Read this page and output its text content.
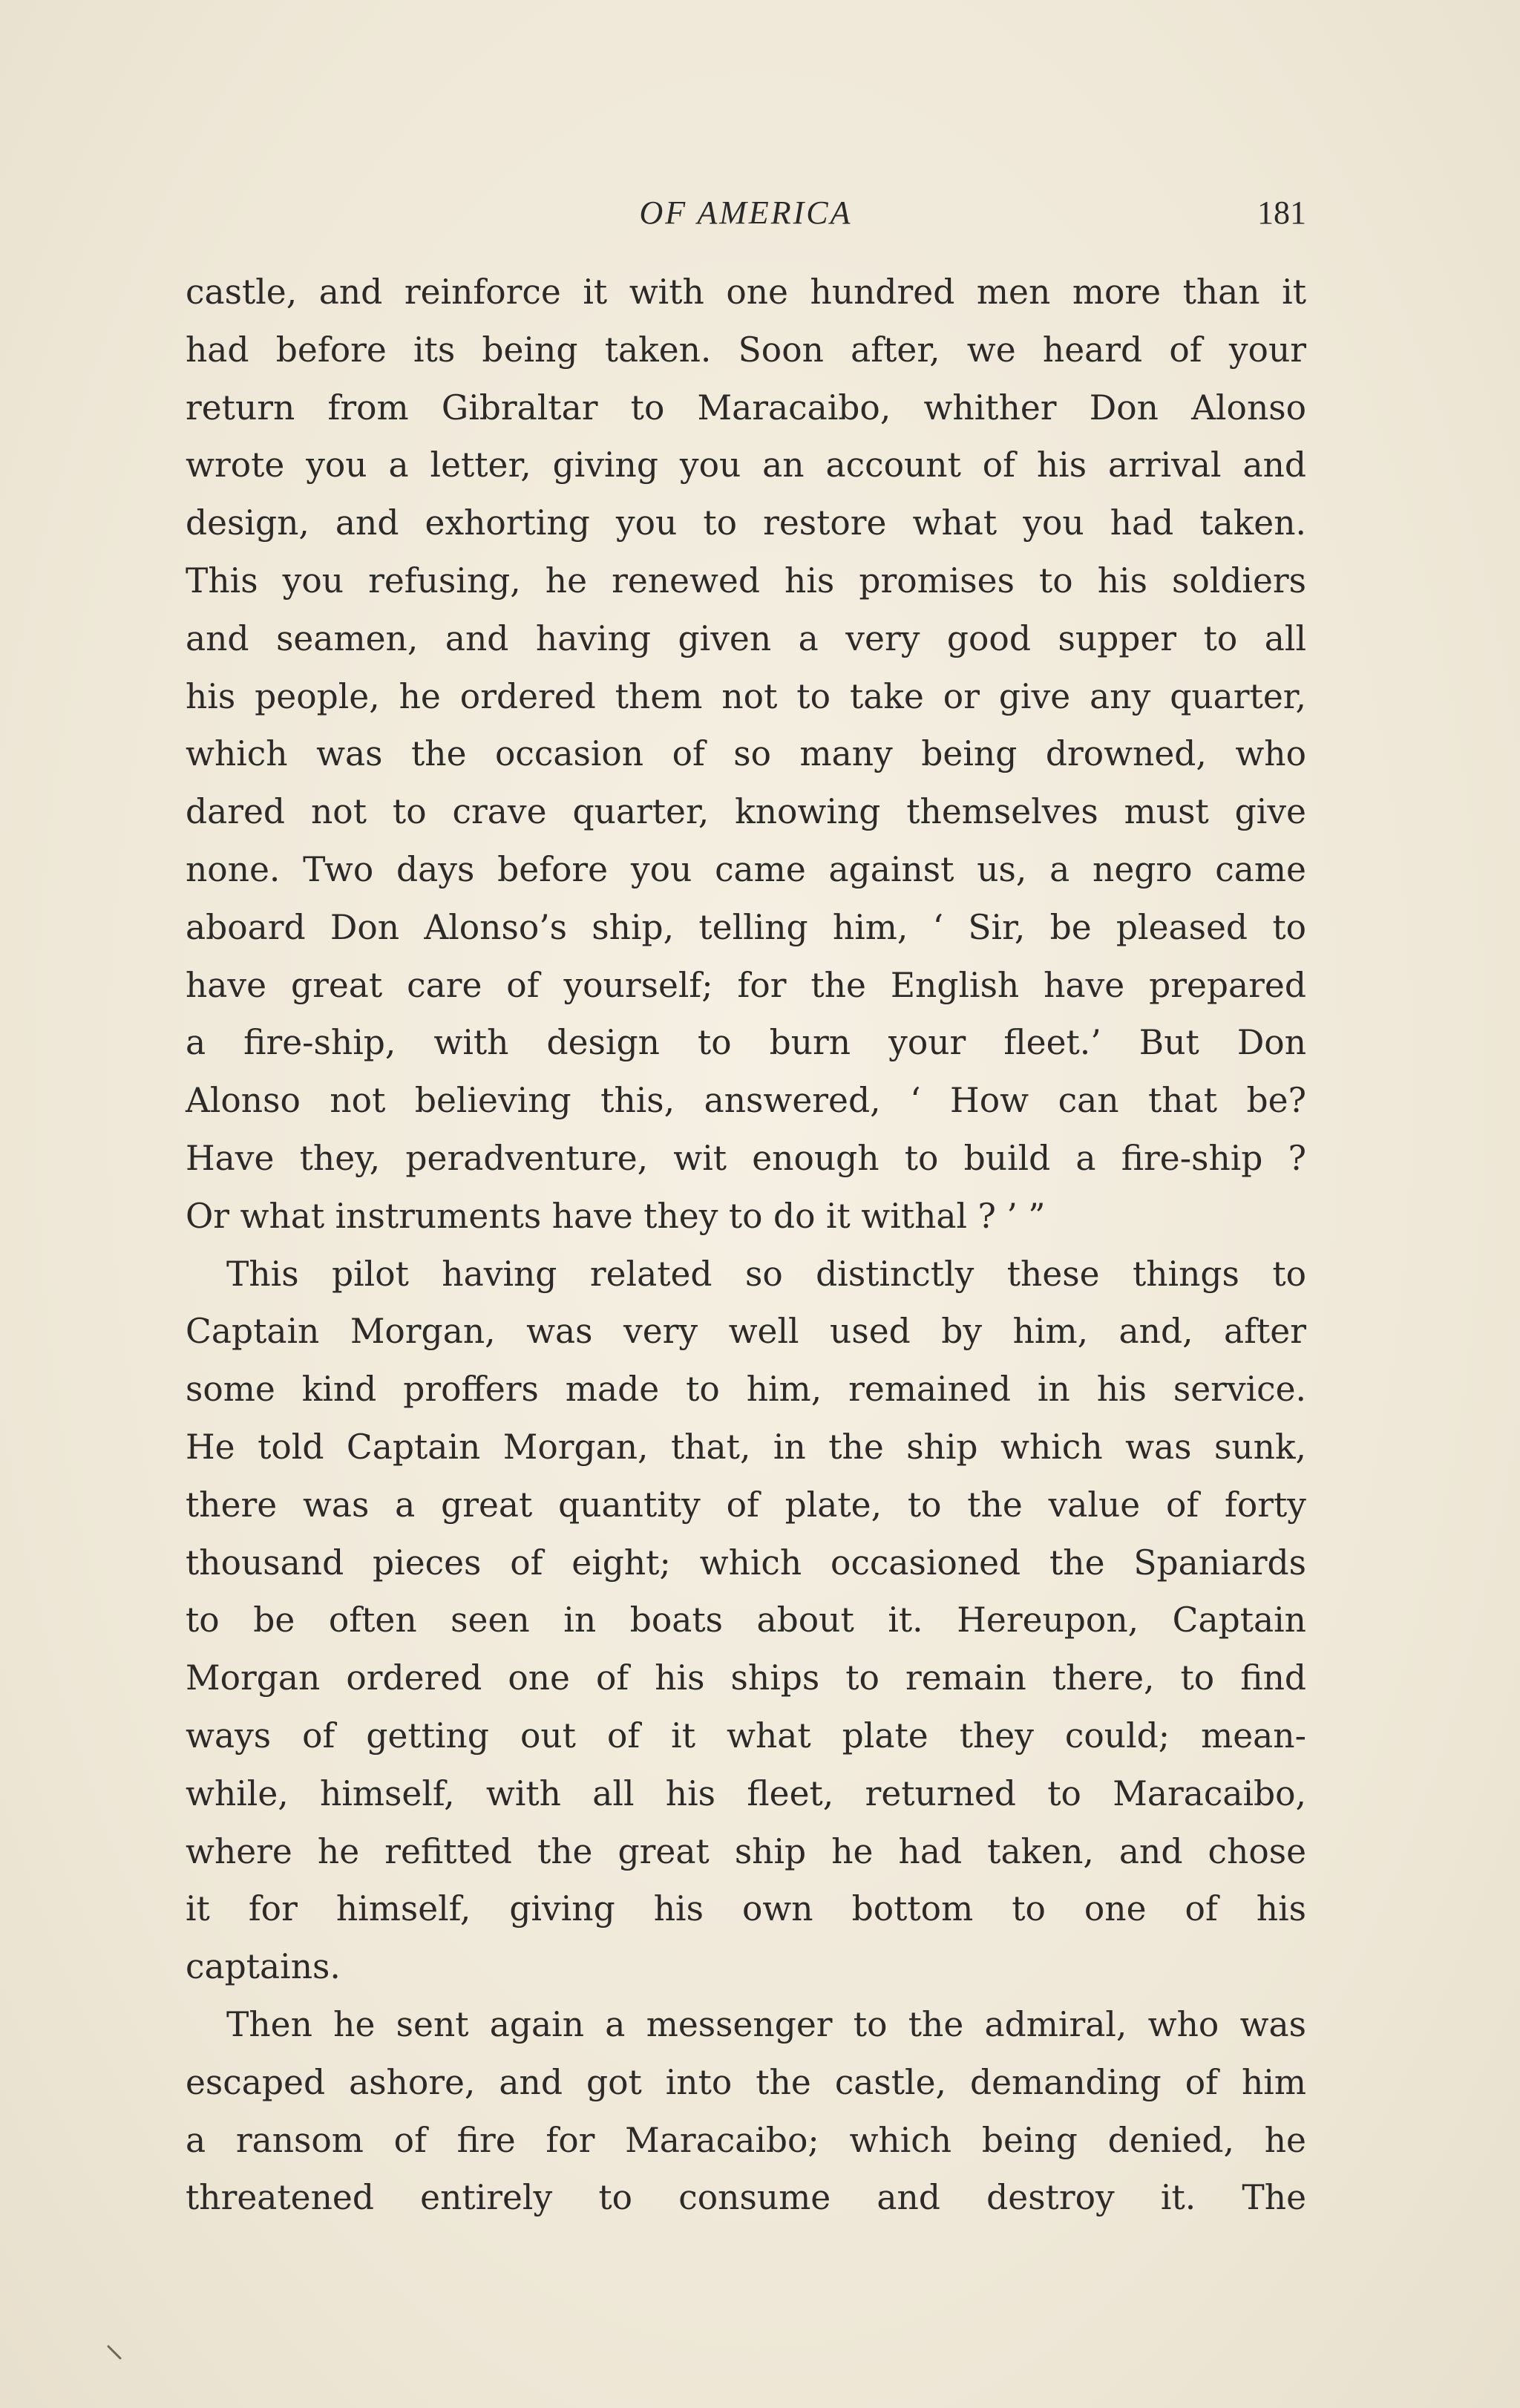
OF AMERICA	181
castle, and reinforce it with one hundred men more than it
had before its being taken. Soon after, we heard of your
return from Gibraltar to Maracaibo, whither Don Alonso
wrote you a letter, giving you an account of his arrival and
design, and exhorting you to restore what you had taken.
This you refusing, he renewed his promises to his soldiers
and seamen, and having given a very good supper to all
his people, he ordered them not to take or give any quarter,
which was the occasion of so many being drowned, who
dared not to crave quarter, knowing themselves must give
none. Two days before you came against us, a negro came
aboard Don Alonso’s ship, telling him, ‘ Sir, be pleased to
have great care of yourself; for the English have prepared
a fire-ship, with design to burn your fleet.’ But Don
Alonso not believing this, answered, ‘ How can that be?
Have they, peradventure, wit enough to build a fire-ship ?
Or what instruments have they to do it withal ? ’ ”
This pilot having related so distinctly these things to
Captain Morgan, was very well used by him, and, after
some kind proffers made to him, remained in his service.
He told Captain Morgan, that, in the ship which was sunk,
there was a great quantity of plate, to the value of forty
thousand pieces of eight; which occasioned the Spaniards
to be often seen in boats about it. Hereupon, Captain
Morgan ordered one of his ships to remain there, to find
ways of getting out of it what plate they could; mean-
while, himself, with all his fleet, returned to Maracaibo,
where he refitted the great ship he had taken, and chose
it for himself, giving his own bottom to one of his
captains.
Then he sent again a messenger to the admiral, who was
escaped ashore, and got into the castle, demanding of him
a ransom of fire for Maracaibo; which being denied, he
threatened entirely to consume and destroy it. The
